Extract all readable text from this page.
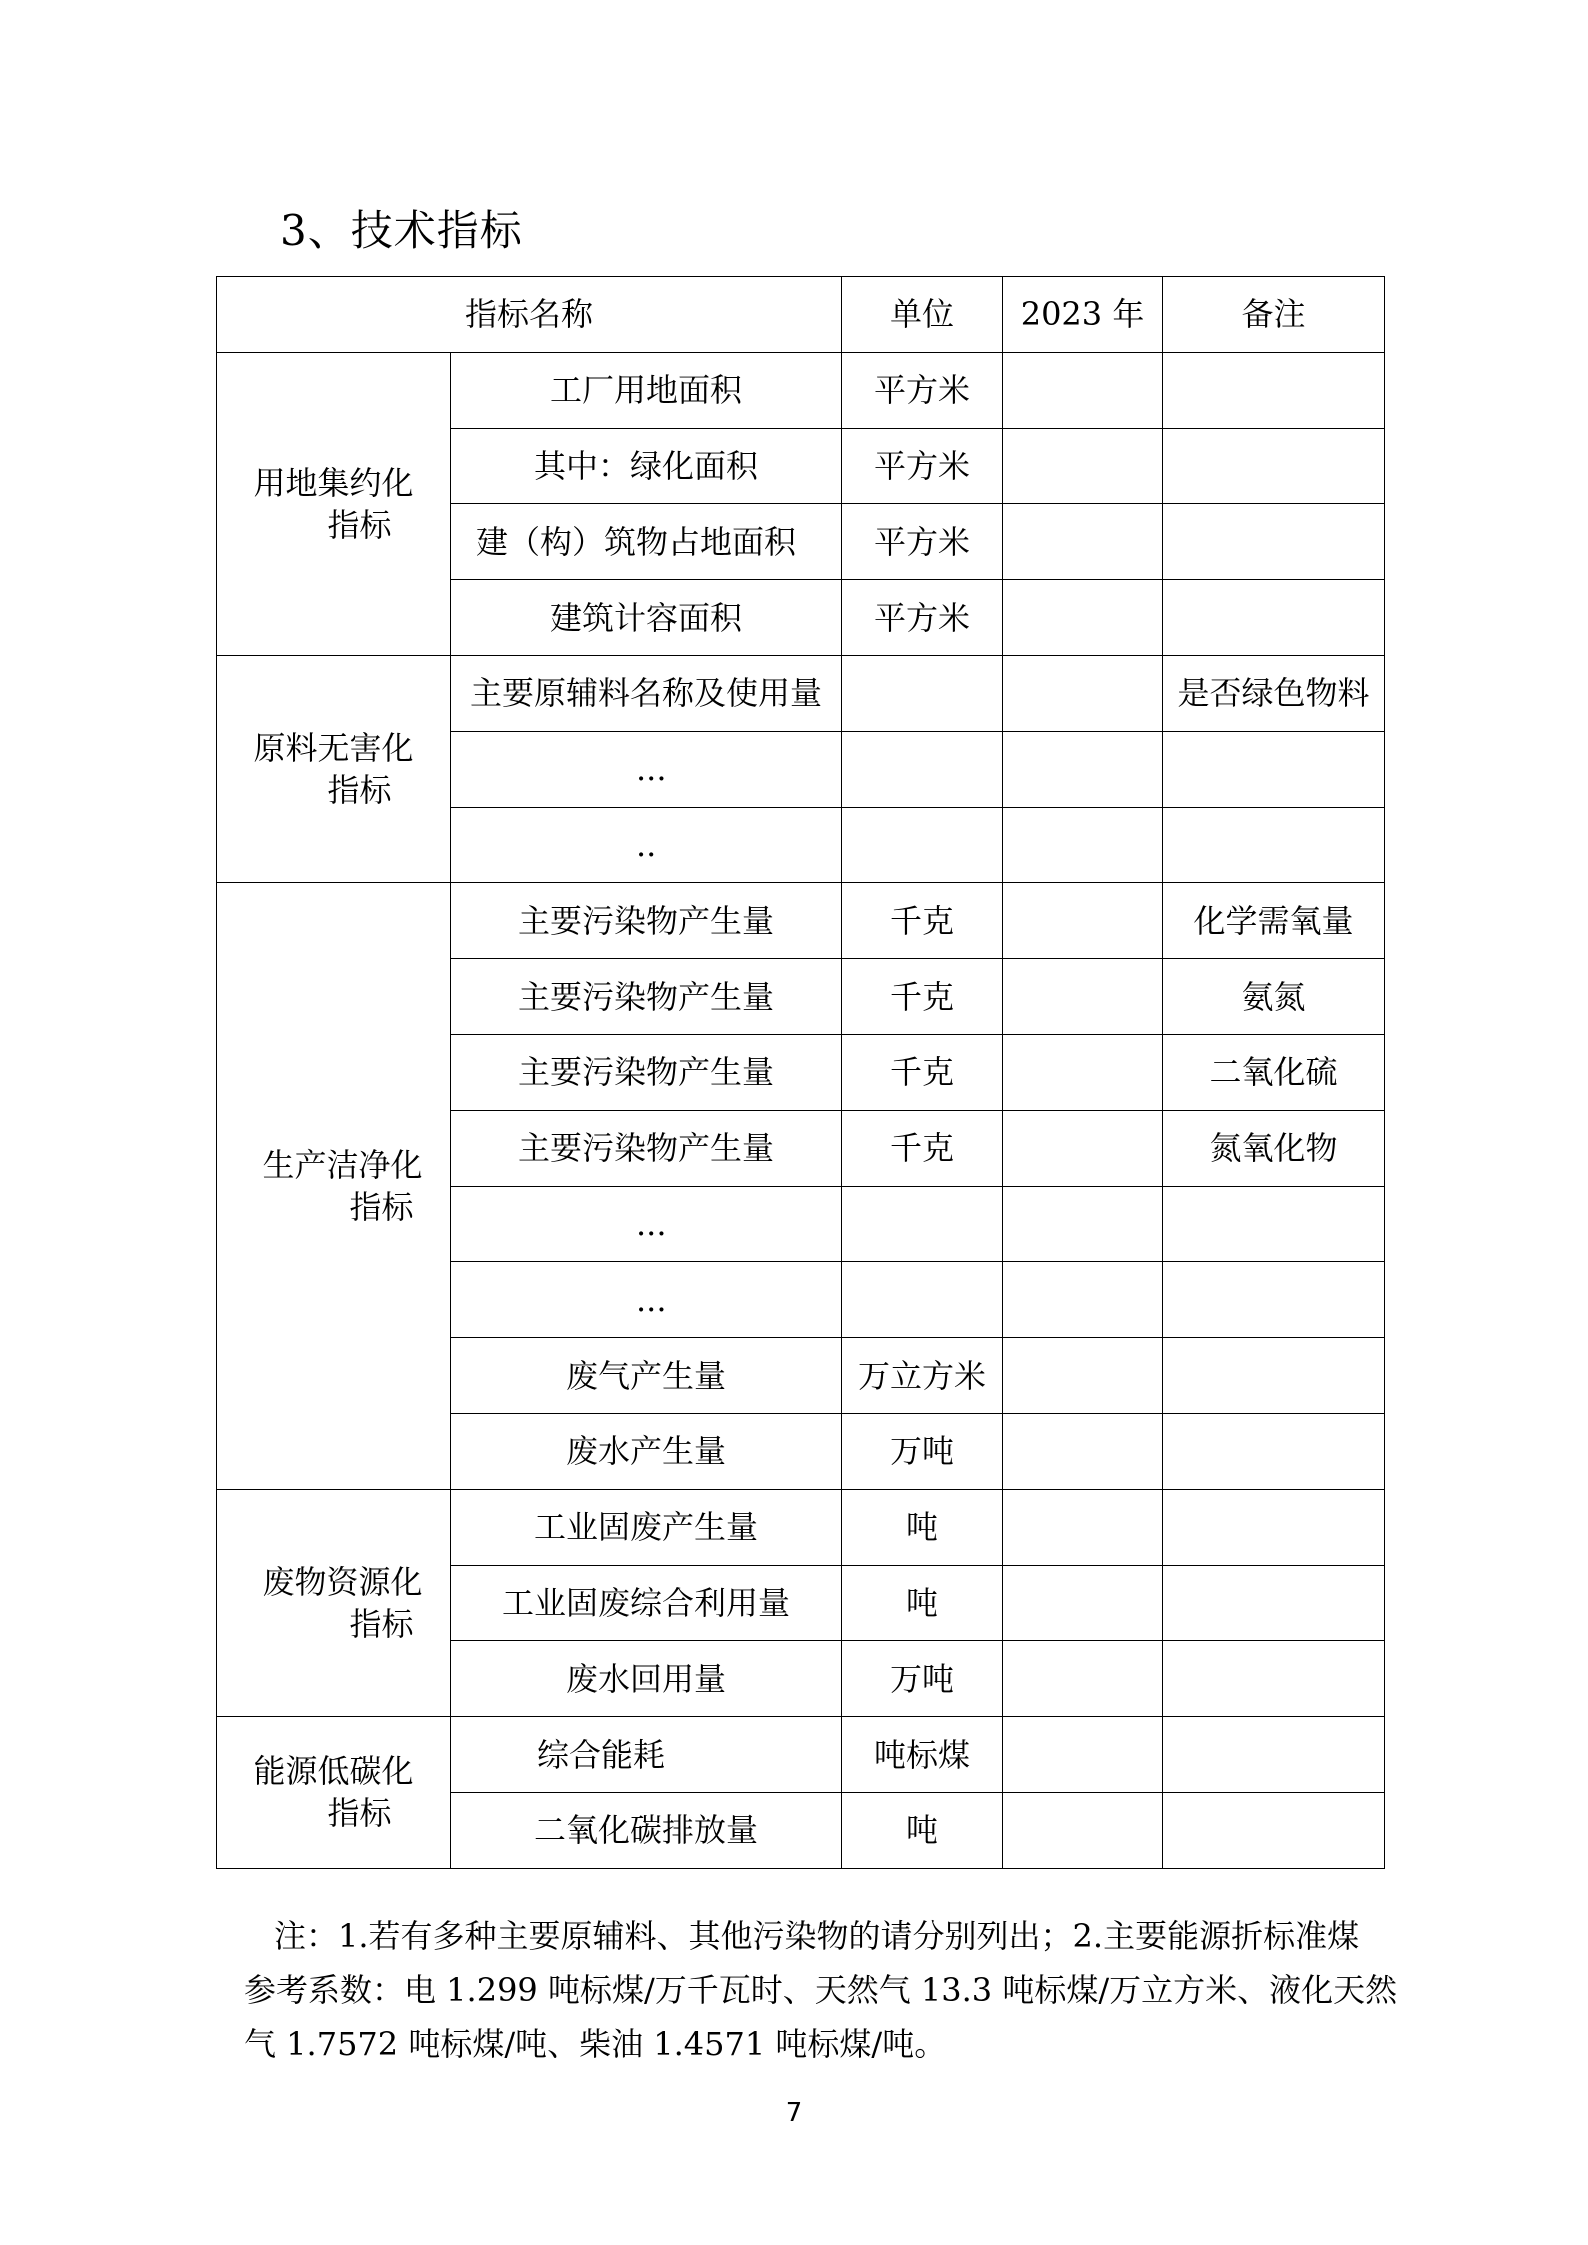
3、技术指标
指标名称		单位	2023 年	备注

用地集约化
指标	工厂用地面积	平方米		
	其中：绿化面积	平方米		
	建（构）筑物占地面积	平方米		
	建筑计容面积	平方米		

原料无害化
指标	主要原辅料名称及使用量			是否绿色物料
	...			
	..			

生产洁净化
指标	主要污染物产生量	千克		化学需氧量
	主要污染物产生量	千克		氨氮
	主要污染物产生量	千克		二氧化硫
	主要污染物产生量	千克		氮氧化物
	...			
	...			
	废气产生量	万立方米		
	废水产生量	万吨		

废物资源化
指标	工业固废产生量	吨		
	工业固废综合利用量	吨		
	废水回用量	万吨		

能源低碳化
指标	综合能耗	吨标煤		
	二氧化碳排放量	吨		
注：1.若有多种主要原辅料、其他污染物的请分别列出；2.主要能源折标准煤
参考系数：电 1.299 吨标煤/万千瓦时、天然气 13.3 吨标煤/万立方米、液化天然
气 1.7572 吨标煤/吨、柴油 1.4571 吨标煤/吨。
7
